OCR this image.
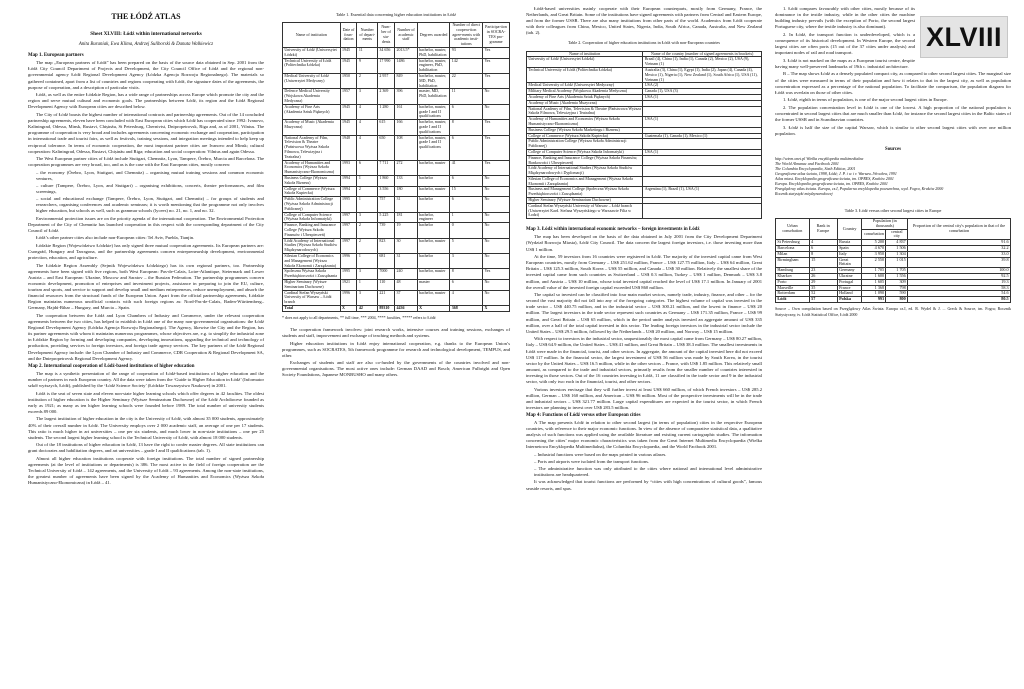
THE ŁÓDŹ ATLAS
Sheet XLVIII: Łódź within international networks
Anita Buraniak, Ewa Klima, Andrzej Suliborski & Danuta Walkiewicz
Map 1. European partners

The map „European partners of Łódź” has been prepared on the basis of the source data obtained in Sep. 2001 from the Łódź City Council Department of Projects and Development, the City Council Office of Łódź and the regional non-governmental agency Łódź Regional Development Agency (Łódzka Agencja Rozwoju Regionalnego). The materials so gathered contained, apart from a list of countries and regions cooperating with Łódź, the signature dates of the agreements, the purpose of cooperation, and a description of particular visits.

Łódź, as well as the entire Łódzkie Region, has a wide range of partnerships across Europe which promote the city and the region and serve mutual cultural and economic goals. The partnerships between Łódź, its region and the Łódź Regional Development Agency with European cities are described below.

The City of Łódź boasts the highest number of international contracts and partnership agreements. Out of the 14 concluded partnership agreements, eleven have been concluded with East European cities which Łódź has cooperated since 1992: Ivanovo, Kaliningrad, Odessa, Minsk, Rustavi, Chișinău, St Petersburg, Chernivtsi, Dnipropetrovsk, Riga and, as of 2001, Vilnius. The programme of cooperation is very broad and includes agreements concerning economic exchange and cooperation, participation in international trade and tourist fairs, as well as festivals, training sessions, and integration meetings intended to help keep up reciprocal tolerance. In terms of economic cooperation, the most important partner cities are Ivanovo and Minsk; cultural cooperation: Kaliningrad, Odessa, Rustavi, Chișinău and Riga; education and social cooperation: Vilnius and again Odessa.

The West European partner cities of Łódź include Stuttgart, Chemnitz, Lyon, Tampere, Örebro, Murcia and Barcelona. The cooperation programmes are very broad, too, and as is the case with the East European cities, mostly concern:

– the economy (Örebro, Lyon, Stuttgart, and Chemnitz) – organising mutual training sessions and common economic ventures,
– culture (Tampere, Örebro, Lyon, and Stuttgart) – organising exhibitions, concerts, theatre performances, and film screenings,
– social and educational exchange (Tampere, Örebro, Lyon, Stuttgart, and Chemnitz) – for groups of students and researchers, organising conferences and academic seminars; it is worth mentioning that the programme not only involves higher education, but schools as well, such as grammar schools (lycees) no. 21, no. 1, and no. 32.

Environmental protection issues are on the priority agenda of the international cooperation. The Environmental Protection Department of the City of Chemnitz has launched cooperation in this respect with the corresponding department of the City Council of Łódź.

Łódź’s other partner cities also include non-European cities: Tel Aviv, Puebla, Tianjin.

Łódzkie Region (Województwo Łódzkie) has only signed three mutual cooperation agreements. Its European partners are: Csongrád, Hungary and Tarragona, and the partnership agreements concern entrepreneurship development, environmental protection, education, and agriculture.

The Łódzkie Region Assembly (Sejmik Województwa Łódzkiego) has its own regional partners, too. Partnership agreements have been signed with five regions, both West European: Pas-de-Calais, Loire-Atlantique, Steiermark and Lower Austria – and East European: Ukraine, Moscow and Saratov – the Russian Federation. The partnership programmes concern economic development, promotion of enterprises and investment projects, assistance in preparing to join the EU, culture, tourism and sports, and service to support and develop small and medium entrepreneurs, reduce unemployment, and absorb the financial resources from the structural funds of the European Union. Apart from the official partnership agreements, Łódzkie Region maintains numerous unofficial contacts with such foreign regions as: Nord-Pas-de-Calais, Baden-Württemberg–Germany, Hajdú-Bihar – Hungary, and Murcia – Spain.

The cooperation between the Łódź and Lyon Chambers of Industry and Commerce, under the relevant cooperation agreements between the two cities, has helped to establish in Łódź one of the many non-governmental organisations: the Łódź Regional Development Agency (Łódzka Agencja Rozwoju Regionalnego). The Agency, likewise the City and the Region, has its partner agreements with whom it maintains numerous programmes, whose objectives are, e.g. to simplify the industrial zone in Łódzkie Region by forming and developing companies, developing innovations, upgrading the technical and technology of production, providing services to foreign investors, and foreign trade agency services. The key partners of the Łódź Regional Development Agency include: the Lyon Chamber of Industry and Commerce, CDR Cooperation & Regional Development SA, and the Dniepropetrovsk Regional Development Agency.

Map 2. International cooperation of Łódź-based institutions of higher education

The map is a synthetic presentation of the range of cooperation of Łódź-based institutions of higher education and the number of partners in each European country. All the data were taken from the ‘Guide to Higher Education in Łódź’ (Informator szkół wyższych, Łódź), published by the ‘Łódź Science Society’ (Łódzkie Towarzystwo Naukowe) in 2001.

Łódź is the seat of seven state and eleven non-state higher learning schools which offer degrees in 42 faculties. The oldest institution of higher education is the Higher Seminary (Wyższe Seminarium Duchowne) of the Łódź Archdiocese founded as early as 1921; as many as ten higher learning schools were founded before 1989. The total number of university students exceeds 89 000.

The largest institution of higher education in the city is the University of Łódź, with almost 35 000 students, approximately 40% of their overall number in Łódź. The University employs over 2 000 academic staff, an average of one per 17 students. This ratio is much higher in art universities – one per six students, and much lower in non-state institutions – one per 25 students. The second largest higher learning school is the Technical University of Łódź, with almost 18 000 students.

Out of the 18 institutions of higher education in Łódź, 13 have the right to confer master degrees. All state institutions can grant doctorates and habilitation degrees, and art universities – grade I and II qualifications (tab. 1).

Almost all higher education institutions cooperate with foreign institutions. The total number of signed partnership agreements (at the level of institutions or departments) is 386. The most active in the field of foreign cooperation are the Technical University of Łódź – 142 agreements, and the University of Łódź – 93 agreements. Among the non-state institutions, the greatest number of agreements have been signed by the Academy of Humanities and Economics (Wyższa Szkoła Humanistyczno-Ekonomiczna) in Łódź – 41.

Table 1. Essential data concerning higher education institutions in Łódź
Name of institution	Date of foun-dation	Number of depart-ments	Num-ber of stu-dents	Number of academic staff	Degrees awarded	Number of direct coopera-tion agree-ments with academic insti-tutions	Participa-tion in SOCRA-TES pro-gramme
University of Łódź (Uniwersytet Łódzki)	1945	11	34 656	2013.5*	bachelor, master, PhD, habilitation	93	Yes
Technical University of Łódź (Politechnika Łódzka)	1945	9	17 990	1486	bachelor, master, engineer, PhD, habilitation	142	Yes
Medical University of Łódź (Uniwersytet Medyczny)	1950	2	2 957	849	bachelor, master, MD, PhD, habilitation	22	Yes
Defence Medical University (Wojskowa Akademia Medyczna)	1957	3	2 369	396	master, MD, PhD, habilitation	11	No
Academy of Fine Arts (Akademia Sztuk Pięknych)	1945	4	1 280	161	bachelor, master, grade I and II qualifications	6	No
Academy of Music (Akademia Muzyczna)	1945	4	615	166	bachelor, master, grade I and II qualifications	8	Yes
National Academy of Film, Television & Theatre (Państwowa Wyższa Szkoła Filmowa, Telewizyjna i Teatralna)	1948	4	650	108	bachelor, master, grade I and II qualifications	6	Yes
Academy of Humanities and Economics (Wyższa Szkoła Humanistyczno-Ekonomiczna)	1993	6	7 711	272	bachelor, master	41	Yes
Business College (Wyższa Szkoła Biznesu)	1994	1	1 860	133	bachelor	6	No
College of Commerce (Wyższa Szkoła Kupiecka)	1994	2	3 556	180	bachelor, master	15	No
Public Administration College (Wyższa Szkoła Administracji Publicznej)	1995	1	757	31	bachelor	6	No
College of Computer Science (Wyższa Szkoła Informatyki)	1997	3	5 225	181	bachelor, engineer	1	No
Finance, Banking and Insurance College (Wyższa Szkoła Finansów i Ubezpieczeń)	1997	2	739	19	bachelor	0	No
Łódź Academy of International Studies (Wyższa Szkoła Studiów Międzynarodowych)	1997	2	823	30	bachelor, master	5	No
Silesian College of Economics and Management (Wyższa Szkoła Ekonomii i Zarządzania)	1996	1	681	31	bachelor	3	No
Spoleczna Wyższa Szkoła Przedsiębiorczości i Zarządzania	1995	3	7000	240	bachelor, master	8	Yes
Higher Seminary (Wyższe Seminarium Duchowne)	1921	1	110	48	master	6	No
Cardinal Stefan Wyszyński University of Warsaw – Łódź branch	1996	3	221	37	bachelor, master	4	No
Total	X	42	89310	4436	X	368	X
* does not apply to all departments, ** full time, *** 2004, **** faculties, ***** refers to Łódź

The cooperation framework involves: joint research works, intensive courses and training sessions, exchanges of students and staff, improvement and exchange of teaching methods and systems.

Higher education institutions in Łódź enjoy international cooperation, e.g. thanks to the European Union’s programmes, such as SOCRATES, 5th framework programme for research and technological development, TEMPUS, and other.

Exchanges of students and staff are also co-funded by the governments of the countries involved and non-governmental organisations. The most active ones include: German DAAD and Bosch; American Fulbright and Open Society Foundations, Japanese MONBUSHO and many others.

Łódź-based universities mainly cooperate with their European counterparts, mostly from Germany, France, the Netherlands, and Great Britain. Some of the institutions have signed agreements with partners from Central and Eastern Europe, and from the former USSR. There are also many institutions from other parts of the world. Academics from Łódź cooperate with their colleagues from China, Mexico, United States, Nigeria, India, South Africa, Canada, Australia, and New Zealand (tab. 2).

Table 2. Cooperation of higher education institutions in Łódź with non-European countries
Name of institution	Name of the country (number of signed agreements in brackets)
University of Łódź (Uniwersytet Łódzki)	Brazil (4), China (1), India (1), Canada (2), Mexico (2), USA (9), Vietnam (1)
Technical University of Łódź (Politechnika Łódzka)	Australia (3), China (1), Egypt (1), India (2), Japan (4), Canada (4), Mexico (1), Nigeria (1), New Zealand (1), South Africa (1), USA (11), Vietnam (1)
Medical University of Łódź (Uniwersytet Medyczny)	USA (2)
Military Medical Academy (Wojskowa Akademia Medyczna)	Canada (1), USA (3)
Academy of Fine Arts (Akademia Sztuk Pięknych)	USA (1)
Academy of Music (Akademia Muzyczna)	
National Academy of Film, Television & Theatre (Państwowa Wyższa Szkoła Filmowa, Telewizyjna i Teatralna)	
Academy of Humanities and Economics (Wyższa Szkoła Humanistyczno-Ekonomiczna)	USA (1)
Business College (Wyższa Szkoła Marketingu i Biznesu)	
College of Commerce (Wyższa Szkoła Kupiecka)	Guatemala (1), Canada (1), Mexico (1)
Public Administration College (Wyższa Szkoła Administracji Publicznej)	
College of Computer Science (Wyższa Szkoła Informatyki)	USA (1)
Finance, Banking and Insurance College (Wyższa Szkoła Finansów, Bankowości i Ubezpieczeń)	
Łódź Academy of International Studies (Wyższa Szkoła Studiów Międzynarodowych i Dyplomacji)	
Silesian College of Economics and Management (Wyższa Szkoła Ekonomii i Zarządzania)	
Business and Management College (Społeczna Wyższa Szkoła Przedsiębiorczości i Zarządzania)	Argentina (1), Brazil (1), USA (1)
Higher Seminary (Wyższe Seminarium Duchowne)	
Cardinal Stefan Wyszyński University of Warsaw – Łódź branch (Uniwersytet Kard. Stefana Wyszyńskiego w Warszawie Filia w Łodzi)	
Map 3. Łódź within international economic networks – foreign investments in Łódź

The map has been developed on the basis of the data obtained in July 2001 from the City Development Department (Wydział Rozwoju Miasta), Łódź City Council. The data concern the largest foreign investors, i.e. those investing more than US$ 1 million.

At the time, 59 investors from 16 countries were registered in Łódź. The majority of the invested capital came from West European countries, mostly from Germany – US$ 251.62 million, France – US$ 127.75 million, Italy – US$ 64 million, Great Britain – US$ 125.3 million, South Korea – US$ 55 million, and Canada – US$ 30 million. Relatively the smallest share of the invested capital came from such countries as Switzerland – US$ 0.3 million, Turkey – US$ 1 million, Denmark – US$ 3.8 million, and Austria – US$ 10 million, whose total invested capital reached the level of US$ 17.1 million. In January of 2001 the overall value of the invested foreign capital exceeded US$ 860 million.

The capital so invested can be classified into four main market sectors, namely trade, industry, finance, and other – for the second the vast majority did not fall into any of the foregoing categories. The highest volume of capital was invested in the trade sector – US$ 440.75 million, and in the industrial sector – US$ 300.21 million, and the lowest in finance – US$ 20 million. The largest investors in the trade sector represent such countries as Germany – US$ 171.35 million, France – US$ 99 million, and Great Britain – US$ 65 million, which in the period under analysis invested an aggregate amount of US$ 335 million, over a half of the total capital invested in this sector. The leading foreign investors in the industrial sector include the United States – US$ 29.5 million, followed by the Netherlands – US$ 20 million, and Norway – US$ 15 million.

With respect to investors in the industrial sector, unquestionably the most capital came from Germany – US$ 80.27 million, Italy – US$ 64.9 million, the United States – US$ 41 million, and Great Britain – US$ 38.3 million. The smallest investments in Łódź were made in the financial, tourist, and other sectors. In aggregate, the amount of the capital invested here did not exceed US$ 117 million. In the financial sector, the largest investment of US$ 56 million was made by South Korea, in the tourist sector by the United States – US$ 16.5 million, while in the other sectors – France, with US$ 1.85 million. This relatively small amount, as compared to the trade and industrial sectors, primarily results from the smaller number of countries interested in investing in those sectors. Out of the 16 countries investing in Łódź, 11 are classified in the trade sector and 9 in the industrial sector, with only two each in the financial, tourist, and other sectors.

Various investors envisage that they will further invest at least US$ 660 million, of which French investors – US$ 285.2 million, German – US$ 160 million, and American – US$ 96 million. Most of the prospective investments will be in the trade and industrial sectors – US$ 321.77 million. Large capital expenditures are expected in the tourist sector, in which French investors are planning to invest over US$ 283.5 million.

Map 4: Functions of Łódź versus other European cities

A The map presents Łódź in relation to other second largest (in terms of population) cities in the respective European countries, with reference to their major economic functions. In view of the absence of comparative statistical data, a qualitative analysis of such functions was applied using the available literature and existing current cartographic studies. The information concerning the cities’ major economic characteristics was taken from the Great Internet Multimedia Encyclopaedia (Wielka Internetowa Encyklopedia Multimedialna), the Columbia Encyclopaedia, and the World Factbook 2001.

– Industrial functions were based on the maps printed in various atlases.
– Ports and airports were isolated from the transport functions.
– The administrative function was only attributed to the cities where national and international level administrative institutions are headquartered.

It was acknowledged that tourist functions are performed by “cities with high concentrations of cultural goods”, famous seaside resorts, and spas.

XLVIII

1. Łódź compares favourably with other cities, mostly because of its dominance in the textile industry, while in the other cities the machine building industry prevails (with the exception of Porto, the second largest Portuguese city, where the textile industry is also dominant).

2. In Łódź, the transport function is underdeveloped, which is a consequence of its historical development. In Western Europe, the second largest cities are often ports (15 out of the 37 cities under analysis) and important nodes of rail and road transport.

3. Łódź is not marked on the maps as a European tourist centre, despite having many well-preserved landmarks of 19th c. industrial architecture.

B – The map shows Łódź as a densely populated compact city, as compared to other second largest cities. The marginal size of the cities were measured in terms of their population and how it relates to that in the largest city, as well as population concentration expressed as a percentage of the national population. To facilitate the comparison, the population diagram for Łódź was overlain on those of other cities.

1. Łódź, eighth in terms of population, is one of the major second largest cities in Europe.

2. The population concentration level in Łódź is one of the lowest. A high proportion of the national population is concentrated in second largest cities that are much smaller than Łódź, for instance the second largest cities in the Baltic states of the former USSR and in Scandinavian countries.

3. Łódź is half the size of the capital Warsaw, which is similar to other second largest cities with over one million population.

Sources
http://wiem.onet.pl Wielka encyklopedia multimedialna
The World Almanac and Factbook 2001
The Columbia Encyclopaedia, Sixth Edition, 2001
Geograficzne atlas świata, 1998, Łódź; J. P. i w. i r. Warsaw–Wrocław, 1991
Atlas miast. Encyklopedia geograficzna świata, tm. OPRES, Kraków 2001
Europa. Encyklopedia geograficzna świata, tm. OPRES, Kraków 2001
Przeglądowy atlas świata. Europa, cz.I, Popularna encyklopedia powszechna, wyd. Fogra, Kraków 2000
Rocznik statystyki międzynarodowej
Table 3. Łódź versus other second largest cities in Europe
Urban conurbation	Rank in Europe	Country	Population (in thousands)		Proportion of the central city's population in that of the conurbation
			conurbation	central city	
St Petersburg	4	Russia	5 200	4 837	91.6
Barcelona	6	Spain	4 670	1 506	32.2
Milan	8	Italy	3 950	1 304	33.0
Birmingham	15	Great Britain	2 550	1 015	39.8
Hamburg	23	Germany	1 705	1 705	100.0
Kharkov	26	Ukraine	1 600	1 556	92.5
Porto	29	Portugal	1 605	309	19.3
Marseille	35	France	1 368	798	58.3
Rotterdam	52	Holland	1 090	590	54.6
Łódź	57	Polska	993	800	80.5
Source – Own compilation based on Przeglądowy Atlas Świata. Europa cz.I, ed. R. Wydel & J. ... Greck & Source, tm. Fogra; Rocznik Statystyczny, tv. Łódź Statistical Office, Łódź 2000
